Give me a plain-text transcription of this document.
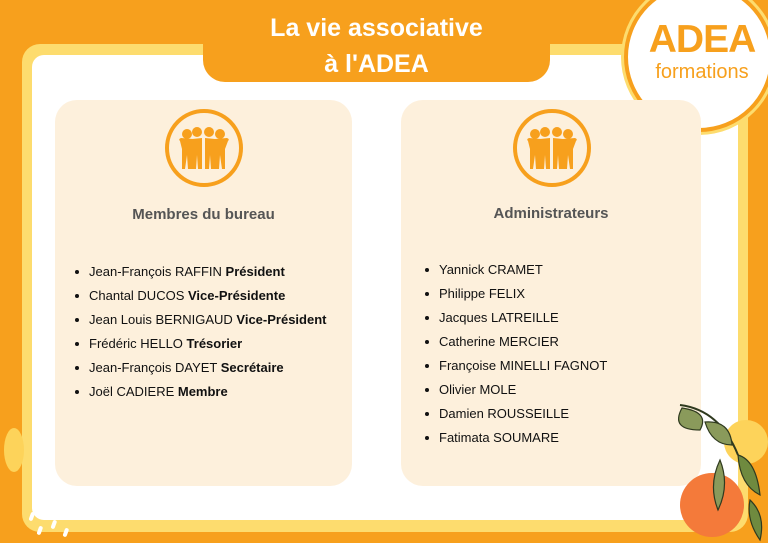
La vie associative
à l'ADEA
ADEA
formations
Membres du bureau
Jean-François RAFFIN Président
Chantal DUCOS Vice-Présidente
Jean Louis BERNIGAUD Vice-Président
Frédéric HELLO Trésorier
Jean-François DAYET Secrétaire
Joël CADIERE Membre
Administrateurs
Yannick CRAMET
Philippe FELIX
Jacques LATREILLE
Catherine MERCIER
Françoise MINELLI FAGNOT
Olivier MOLE
Damien ROUSSEILLE
Fatimata SOUMARE
